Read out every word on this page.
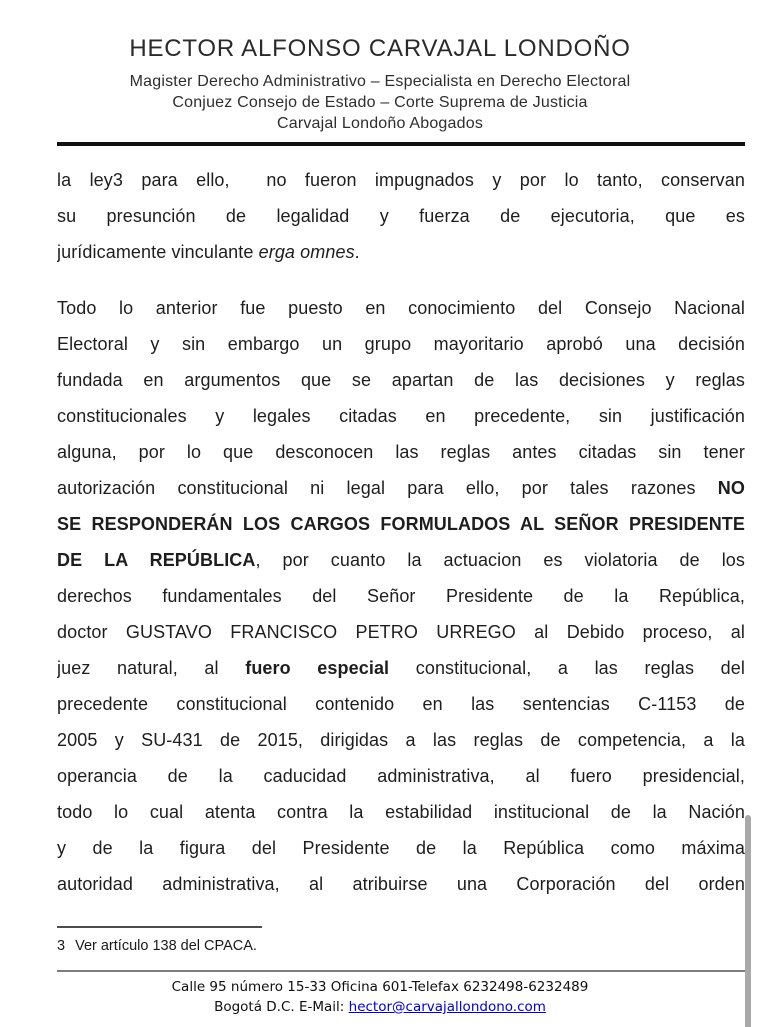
HECTOR ALFONSO CARVAJAL LONDOÑO
Magister Derecho Administrativo – Especialista en Derecho Electoral
Conjuez Consejo de Estado – Corte Suprema de Justicia
Carvajal Londoño Abogados
la ley3 para ello,  no fueron impugnados y por lo tanto, conservan
su presunción de legalidad y fuerza de ejecutoria, que es
jurídicamente vinculante erga omnes.
Todo lo anterior fue puesto en conocimiento del Consejo Nacional
Electoral y sin embargo un grupo mayoritario aprobó una decisión
fundada en argumentos que se apartan de las decisiones y reglas
constitucionales y legales citadas en precedente, sin justificación
alguna, por lo que desconocen las reglas antes citadas sin tener
autorización constitucional ni legal para ello, por tales razones NO
SE RESPONDERÁN LOS CARGOS FORMULADOS AL SEÑOR PRESIDENTE
DE LA REPÚBLICA, por cuanto la actuacion es violatoria de los
derechos fundamentales del Señor Presidente de la República,
doctor GUSTAVO FRANCISCO PETRO URREGO al Debido proceso, al
juez natural, al fuero especial constitucional, a las reglas del
precedente constitucional contenido en las sentencias C-1153 de
2005 y SU-431 de 2015, dirigidas a las reglas de competencia, a la
operancia de la caducidad administrativa, al fuero presidencial,
todo lo cual atenta contra la estabilidad institucional de la Nación
y de la figura del Presidente de la República como máxima
autoridad administrativa, al atribuirse una Corporación del orden
3 Ver artículo 138 del CPACA.
Calle 95 número 15-33 Oficina 601-Telefax 6232498-6232489
Bogotá D.C. E-Mail: hector@carvajallondono.com
